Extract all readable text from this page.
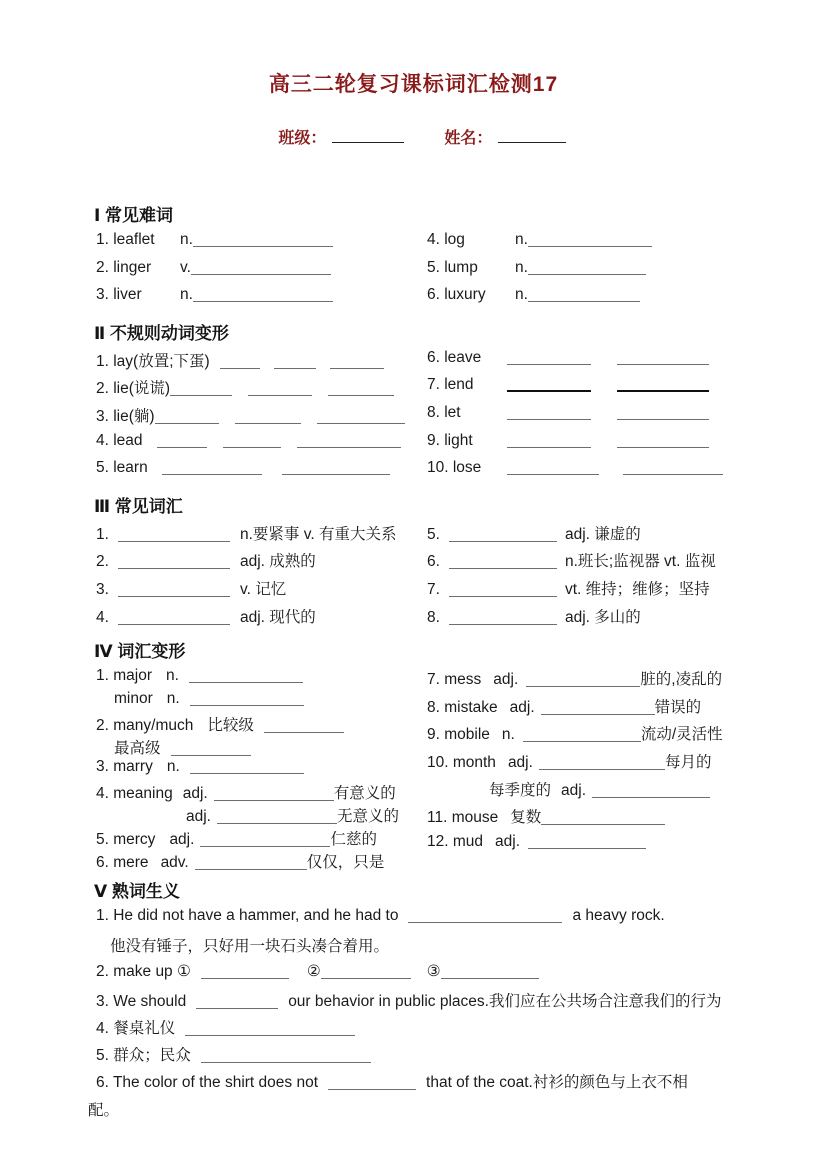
高三二轮复习课标词汇检测17

班级：	姓名：

Ⅰ 常见难词
1. leaflet	n.
2. linger	v.
3. liver	n.
4. log	n.
5. lump	n.
6. luxury	n.
Ⅱ 不规则动词变形
1. lay(放置;下蛋)
2. lie(说谎)
3. lie(躺)
4. lead
5. learn
6. leave
7. lend
8. let
9. light
10. lose
Ⅲ 常见词汇
1.	n.要紧事 v. 有重大关系
2.	adj. 成熟的
3.	v. 记忆
4.	adj. 现代的
5.	adj. 谦虚的
6.	n.班长;监视器 vt. 监视
7.	vt. 维持；维修；坚持
8.	adj. 多山的
Ⅳ 词汇变形
1. major n.
minor n.
2. many/much 比较级
最高级
3. marry n.
4. meaning adj.	有意义的
adj.	无意义的
5. mercy adj.	仁慈的
6. mere adv.	仅仅，只是
7. mess adj.	脏的,凌乱的
8. mistake adj.	错误的
9. mobile n.	流动/灵活性
10. month adj.	每月的
每季度的 adj.
11. mouse 复数
12. mud adj.
Ⅴ 熟词生义
1. He did not have a hammer, and he had to	a heavy rock.
他没有锤子，只好用一块石头凑合着用。
2. make up ①	②	③
3. We should	our behavior in public places.我们应在公共场合注意我们的行为
4. 餐桌礼仪
5. 群众；民众
6. The color of the shirt does not	that of the coat.衬衫的颜色与上衣不相
配。
